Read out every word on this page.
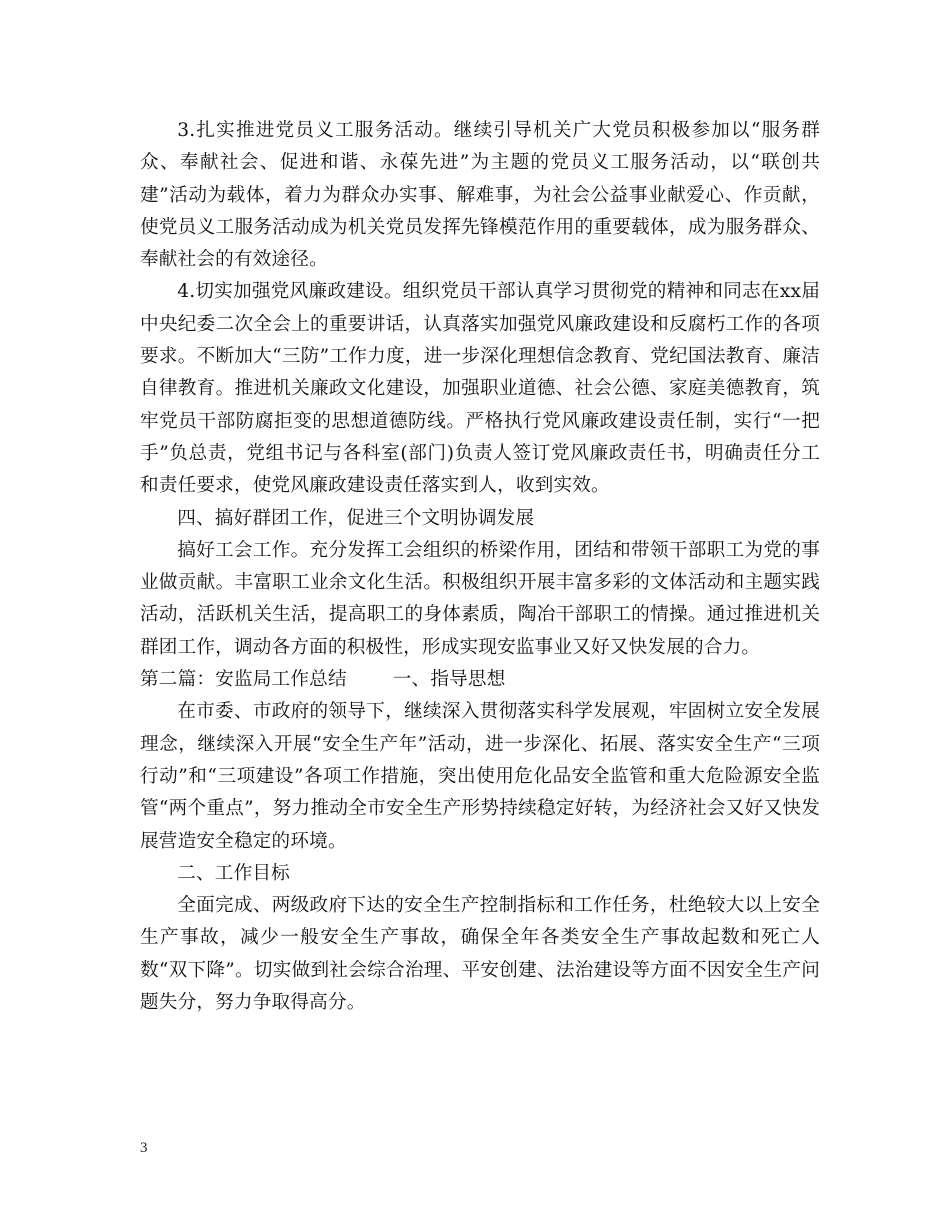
3.扎实推进党员义工服务活动。继续引导机关广大党员积极参加以“服务群众、奉献社会、促进和谐、永葆先进”为主题的党员义工服务活动，以“联创共建”活动为载体，着力为群众办实事、解难事，为社会公益事业献爱心、作贡献，使党员义工服务活动成为机关党员发挥先锋模范作用的重要载体，成为服务群众、奉献社会的有效途径。

4.切实加强党风廉政建设。组织党员干部认真学习贯彻党的精神和同志在xx届中央纪委二次全会上的重要讲话，认真落实加强党风廉政建设和反腐朽工作的各项要求。不断加大“三防”工作力度，进一步深化理想信念教育、党纪国法教育、廉洁自律教育。推进机关廉政文化建设，加强职业道德、社会公德、家庭美德教育，筑牢党员干部防腐拒变的思想道德防线。严格执行党风廉政建设责任制，实行“一把手”负总责，党组书记与各科室(部门)负责人签订党风廉政责任书，明确责任分工和责任要求，使党风廉政建设责任落实到人，收到实效。

四、搞好群团工作，促进三个文明协调发展

搞好工会工作。充分发挥工会组织的桥梁作用，团结和带领干部职工为党的事业做贡献。丰富职工业余文化生活。积极组织开展丰富多彩的文体活动和主题实践活动，活跃机关生活，提高职工的身体素质，陶冶干部职工的情操。通过推进机关群团工作，调动各方面的积极性，形成实现安监事业又好又快发展的合力。

第二篇：安监局工作总结 一、指导思想

在市委、市政府的领导下，继续深入贯彻落实科学发展观，牢固树立安全发展理念，继续深入开展“安全生产年”活动，进一步深化、拓展、落实安全生产“三项行动”和“三项建设”各项工作措施，突出使用危化品安全监管和重大危险源安全监管“两个重点”，努力推动全市安全生产形势持续稳定好转，为经济社会又好又快发展营造安全稳定的环境。

二、工作目标

全面完成、两级政府下达的安全生产控制指标和工作任务，杜绝较大以上安全生产事故，减少一般安全生产事故，确保全年各类安全生产事故起数和死亡人数“双下降”。切实做到社会综合治理、平安创建、法治建设等方面不因安全生产问题失分，努力争取得高分。

3
